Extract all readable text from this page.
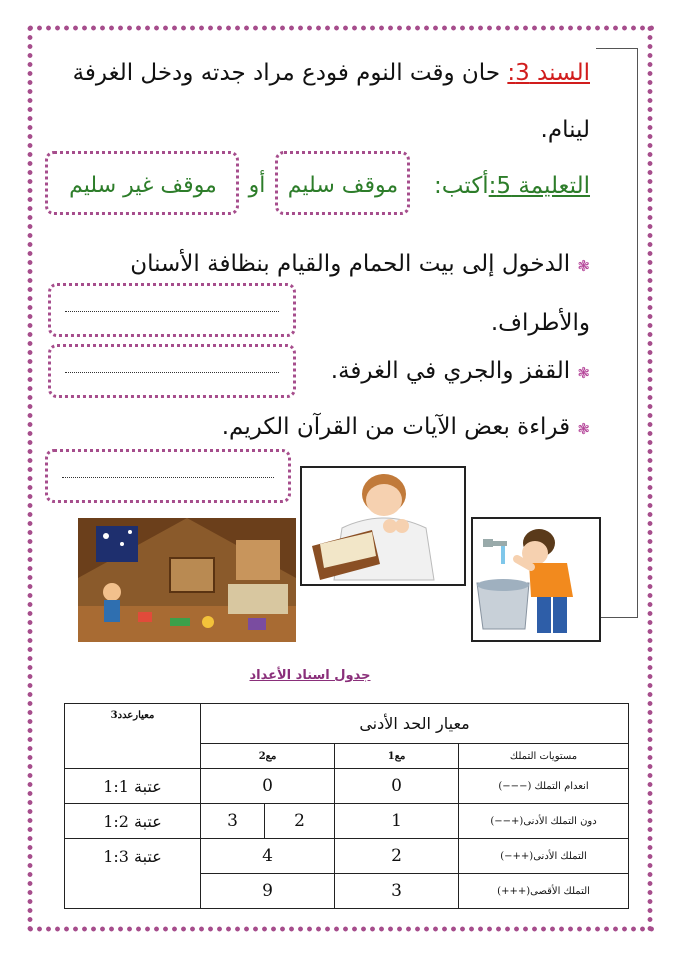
السند 3: حان وقت النوم فودع مراد جدته ودخل الغرفة
لينام.
التعليمة 5:أكتب:
موقف سليم
أو
موقف غير سليم
❃ الدخول إلى بيت الحمام والقيام بنظافة الأسنان
والأطراف.
❃ القفز والجري في الغرفة.
❃ قراءة بعض الآيات من القرآن الكريم.
جدول اسناد الأعداد
معيار الحد الأدنى				معيارعدد3
مستويات التملك	مع1	مع2		
انعدام التملك (−−−)	0	0		عتبة 1:1
دون التملك الأدنى(+−−)	1	2	3	عتبة 1:2
التملك الأدنى(++−)	2	4		عتبة 1:3
التملك الأقصى(+++)	3	9		
